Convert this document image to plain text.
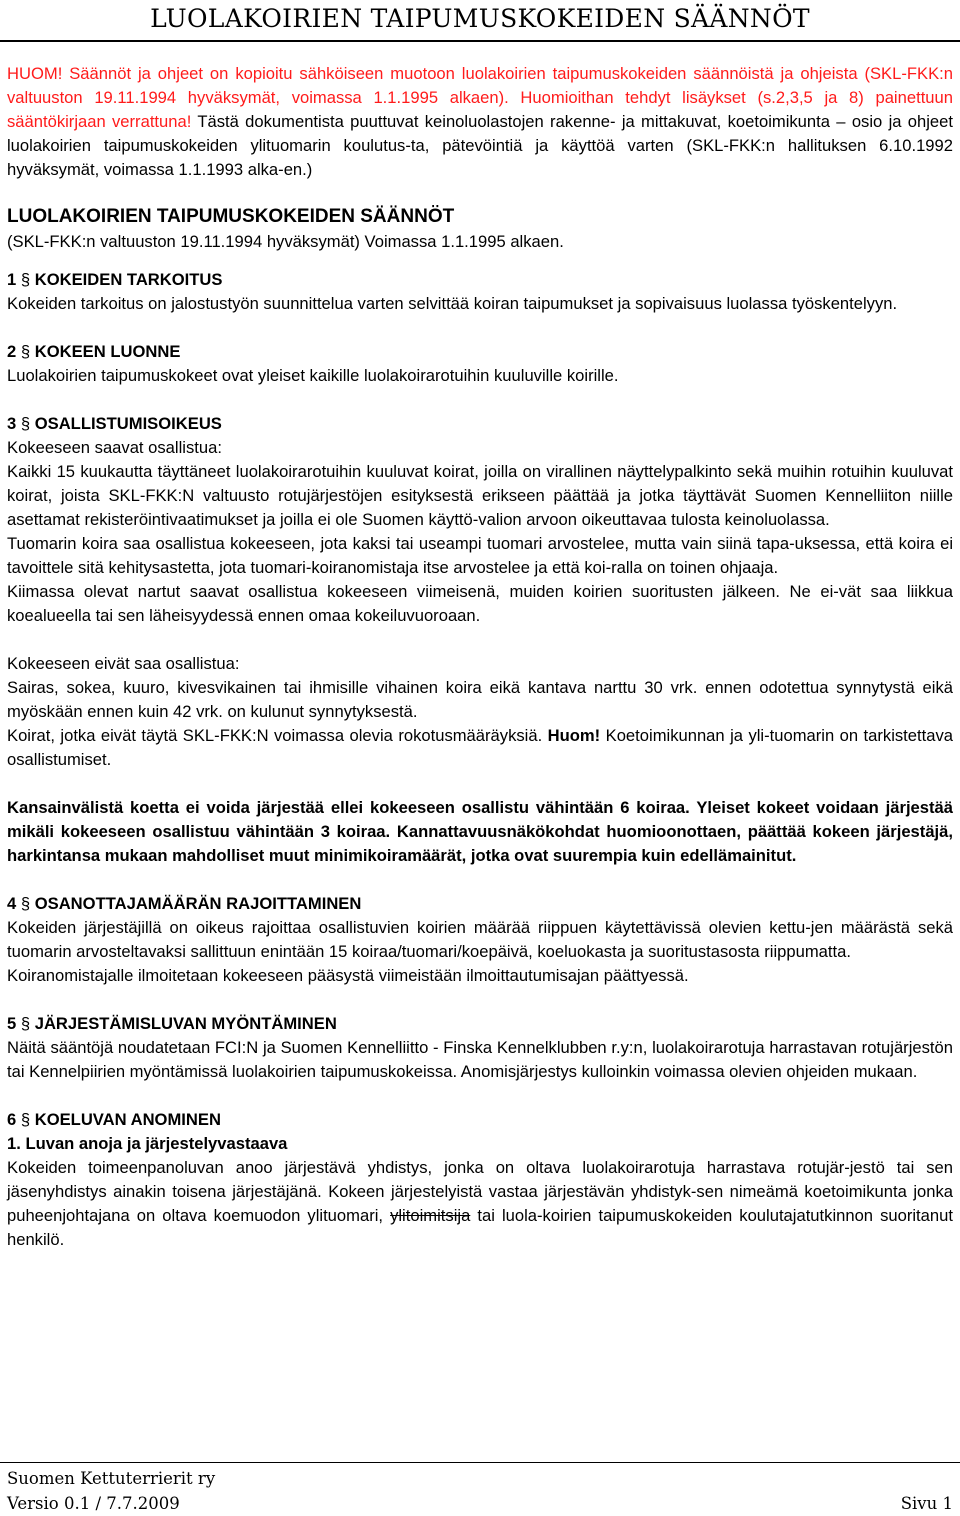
LUOLAKOIRIEN TAIPUMUSKOKEIDEN SÄÄNNÖT

HUOM! Säännöt ja ohjeet on kopioitu sähköiseen muotoon luolakoirien taipumuskokeiden säännöistä ja ohjeista (SKL-FKK:n valtuuston 19.11.1994 hyväksymät, voimassa 1.1.1995 alkaen). Huomioithan tehdyt lisäykset (s.2,3,5 ja 8) painettuun sääntökirjaan verrattuna! Tästä dokumentista puuttuvat keinoluolastojen rakenne- ja mittakuvat, koetoimikunta – osio ja ohjeet luolakoirien taipumuskokeiden ylituomarin koulutus-ta, pätevöintiä ja käyttöä varten (SKL-FKK:n hallituksen 6.10.1992 hyväksymät, voimassa 1.1.1993 alka-en.)

LUOLAKOIRIEN TAIPUMUSKOKEIDEN SÄÄNNÖT

(SKL-FKK:n valtuuston 19.11.1994 hyväksymät) Voimassa 1.1.1995 alkaen.

1 § KOKEIDEN TARKOITUS

Kokeiden tarkoitus on jalostustyön suunnittelua varten selvittää koiran taipumukset ja sopivaisuus luolassa työskentelyyn.

2 § KOKEEN LUONNE

Luolakoirien taipumuskokeet ovat yleiset kaikille luolakoirarotuihin kuuluville koirille.

3 § OSALLISTUMISOIKEUS

Kokeeseen saavat osallistua:

Kaikki 15 kuukautta täyttäneet luolakoirarotuihin kuuluvat koirat, joilla on virallinen näyttelypalkinto sekä muihin rotuihin kuuluvat koirat, joista SKL-FKK:N valtuusto rotujärjestöjen esityksestä erikseen päättää ja jotka täyttävät Suomen Kennelliiton niille asettamat rekisteröintivaatimukset ja joilla ei ole Suomen käyttö-valion arvoon oikeuttavaa tulosta keinoluolassa.

Tuomarin koira saa osallistua kokeeseen, jota kaksi tai useampi tuomari arvostelee, mutta vain siinä tapa-uksessa, että koira ei tavoittele sitä kehitysastetta, jota tuomari-koiranomistaja itse arvostelee ja että koi-ralla on toinen ohjaaja.

Kiimassa olevat nartut saavat osallistua kokeeseen viimeisenä, muiden koirien suoritusten jälkeen. Ne ei-vät saa liikkua koealueella tai sen läheisyydessä ennen omaa kokeiluvuoroaan.

Kokeeseen eivät saa osallistua:

Sairas, sokea, kuuro, kivesvikainen tai ihmisille vihainen koira eikä kantava narttu 30 vrk. ennen odotettua synnytystä eikä myöskään ennen kuin 42 vrk. on kulunut synnytyksestä.

Koirat, jotka eivät täytä SKL-FKK:N voimassa olevia rokotusmääräyksiä. Huom! Koetoimikunnan ja yli-tuomarin on tarkistettava osallistumiset.

Kansainvälistä koetta ei voida järjestää ellei kokeeseen osallistu vähintään 6 koiraa. Yleiset kokeet voidaan järjestää mikäli kokeeseen osallistuu vähintään 3 koiraa. Kannattavuusnäkökohdat huomioonottaen, päättää kokeen järjestäjä, harkintansa mukaan mahdolliset muut minimikoiramäärät, jotka ovat suurempia kuin edellämainitut.

4 § OSANOTTAJAMÄÄRÄN RAJOITTAMINEN

Kokeiden järjestäjillä on oikeus rajoittaa osallistuvien koirien määrää riippuen käytettävissä olevien kettu-jen määrästä sekä tuomarin arvosteltavaksi sallittuun enintään 15 koiraa/tuomari/koepäivä, koeluokasta ja suoritustasosta riippumatta.

Koiranomistajalle ilmoitetaan kokeeseen pääsystä viimeistään ilmoittautumisajan päättyessä.

5 § JÄRJESTÄMISLUVAN MYÖNTÄMINEN

Näitä sääntöjä noudatetaan FCI:N ja Suomen Kennelliitto - Finska Kennelklubben r.y:n, luolakoirarotuja harrastavan rotujärjestön tai Kennelpiirien myöntämissä luolakoirien taipumuskokeissa. Anomisjärjestys kulloinkin voimassa olevien ohjeiden mukaan.

6 § KOELUVAN ANOMINEN

1. Luvan anoja ja järjestelyvastaava

Kokeiden toimeenpanoluvan anoo järjestävä yhdistys, jonka on oltava luolakoirarotuja harrastava rotujär-jestö tai sen jäsenyhdistys ainakin toisena järjestäjänä. Kokeen järjestelyistä vastaa järjestävän yhdistyk-sen nimeämä koetoimikunta jonka puheenjohtajana on oltava koemuodon ylituomari, ylitoimitsija tai luola-koirien taipumuskokeiden koulutajatutkinnon suoritanut henkilö.

Suomen Kettuterrierit ry
Versio 0.1 / 7.7.2009	Sivu 1
